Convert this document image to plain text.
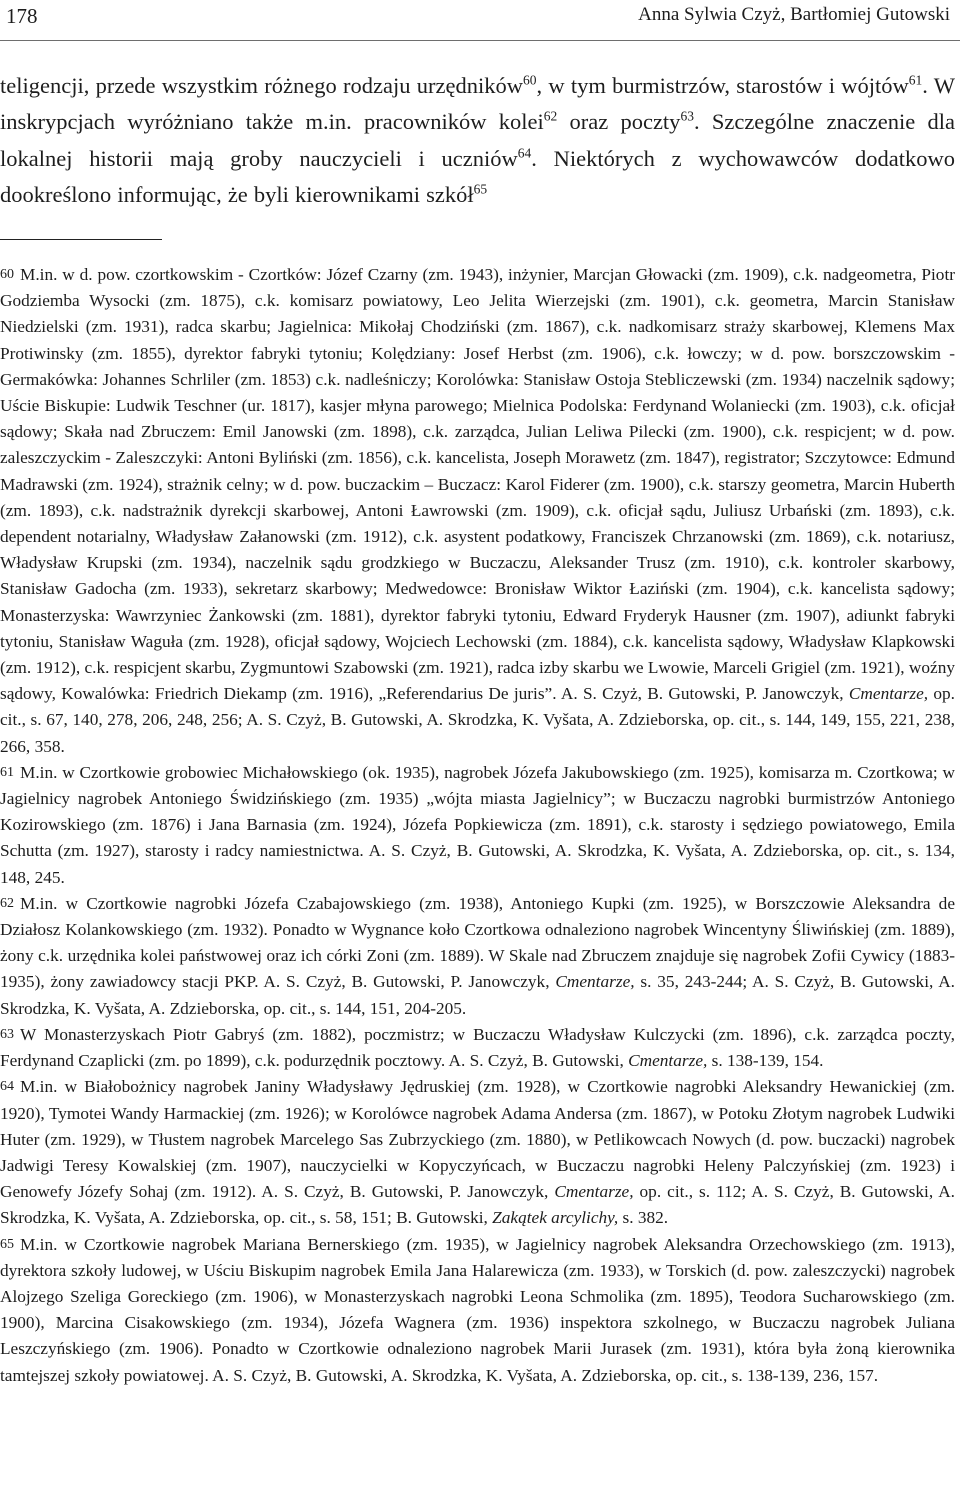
178	Anna Sylwia Czyż, Bartłomiej Gutowski
teligencji, przede wszystkim różnego rodzaju urzędników$^{60}$, w tym burmistrzów, starostów i wójtów$^{61}$. W inskrypcjach wyróżniano także m.in. pracowników kolei$^{62}$ oraz poczty$^{63}$. Szczególne znaczenie dla lokalnej historii mają groby nauczycieli i uczniów$^{64}$. Niektórych z wychowawców dodatkowo dookreślono informując, że byli kierownikami szkół$^{65}$

$^{60}$ M.in. w d. pow. czortkowskim - Czortków: Józef Czarny (zm. 1943), inżynier, Marcjan Głowacki (zm. 1909), c.k. nadgeometra, Piotr Godziemba Wysocki (zm. 1875), c.k. komisarz powiatowy, Leo Jelita Wierzejski (zm. 1901), c.k. geometra, Marcin Stanisław Niedzielski (zm. 1931), radca skarbu; Jagielnica: Mikołaj Chodziński (zm. 1867), c.k. nadkomisarz straży skarbowej, Klemens Max Protiwinsky (zm. 1855), dyrektor fabryki tytoniu; Kolędziany: Josef Herbst (zm. 1906), c.k. łowczy; w d. pow. borszczowskim - Germakówka: Johannes Schrliler (zm. 1853) c.k. nadleśniczy; Korolówka: Stanisław Ostoja Stebliczewski (zm. 1934) naczelnik sądowy; Uście Biskupie: Ludwik Teschner (ur. 1817), kasjer młyna parowego; Mielnica Podolska: Ferdynand Wolaniecki (zm. 1903), c.k. oficjał sądowy; Skała nad Zbruczem: Emil Janowski (zm. 1898), c.k. zarządca, Julian Leliwa Pilecki (zm. 1900), c.k. respicjent; w d. pow. zaleszczyckim - Zaleszczyki: Antoni Byliński (zm. 1856), c.k. kancelista, Joseph Morawetz (zm. 1847), registrator; Szczytowce: Edmund Madrawski (zm. 1924), strażnik celny; w d. pow. buczackim – Buczacz: Karol Fiderer (zm. 1900), c.k. starszy geometra, Marcin Huberth (zm. 1893), c.k. nadstrażnik dyrekcji skarbowej, Antoni Ławrowski (zm. 1909), c.k. oficjał sądu, Juliusz Urbański (zm. 1893), c.k. dependent notarialny, Władysław Załanowski (zm. 1912), c.k. asystent podatkowy, Franciszek Chrzanowski (zm. 1869), c.k. notariusz, Władysław Krupski (zm. 1934), naczelnik sądu grodzkiego w Buczaczu, Aleksander Trusz (zm. 1910), c.k. kontroler skarbowy, Stanisław Gadocha (zm. 1933), sekretarz skarbowy; Medwedowce: Bronisław Wiktor Łaziński (zm. 1904), c.k. kancelista sądowy; Monasterzyska: Wawrzyniec Żankowski (zm. 1881), dyrektor fabryki tytoniu, Edward Fryderyk Hausner (zm. 1907), adiunkt fabryki tytoniu, Stanisław Waguła (zm. 1928), oficjał sądowy, Wojciech Lechowski (zm. 1884), c.k. kancelista sądowy, Władysław Klapkowski (zm. 1912), c.k. respicjent skarbu, Zygmuntowi Szabowski (zm. 1921), radca izby skarbu we Lwowie, Marceli Grigiel (zm. 1921), woźny sądowy, Kowalówka: Friedrich Diekamp (zm. 1916), „Referendarius De juris”. A. S. Czyż, B. Gutowski, P. Janowczyk, Cmentarze, op. cit., s. 67, 140, 278, 206, 248, 256; A. S. Czyż, B. Gutowski, A. Skrodzka, K. Vyšata, A. Zdzieborska, op. cit., s. 144, 149, 155, 221, 238, 266, 358.

$^{61}$ M.in. w Czortkowie grobowiec Michałowskiego (ok. 1935), nagrobek Józefa Jakubowskiego (zm. 1925), komisarza m. Czortkowa; w Jagielnicy nagrobek Antoniego Świdzińskiego (zm. 1935) „wójta miasta Jagielnicy”; w Buczaczu nagrobki burmistrzów Antoniego Kozirowskiego (zm. 1876) i Jana Barnasia (zm. 1924), Józefa Popkiewicza (zm. 1891), c.k. starosty i sędziego powiatowego, Emila Schutta (zm. 1927), starosty i radcy namiestnictwa. A. S. Czyż, B. Gutowski, A. Skrodzka, K. Vyšata, A. Zdzieborska, op. cit., s. 134, 148, 245.

$^{62}$ M.in. w Czortkowie nagrobki Józefa Czabajowskiego (zm. 1938), Antoniego Kupki (zm. 1925), w Borszczowie Aleksandra de Działosz Kolankowskiego (zm. 1932). Ponadto w Wygnance koło Czortkowa odnaleziono nagrobek Wincentyny Śliwińskiej (zm. 1889), żony c.k. urzędnika kolei państwowej oraz ich córki Zoni (zm. 1889). W Skale nad Zbruczem znajduje się nagrobek Zofii Cywicy (1883-1935), żony zawiadowcy stacji PKP. A. S. Czyż, B. Gutowski, P. Janowczyk, Cmentarze, s. 35, 243-244; A. S. Czyż, B. Gutowski, A. Skrodzka, K. Vyšata, A. Zdzieborska, op. cit., s. 144, 151, 204-205.

$^{63}$ W Monasterzyskach Piotr Gabryś (zm. 1882), poczmistrz; w Buczaczu Władysław Kulczycki (zm. 1896), c.k. zarządca poczty, Ferdynand Czaplicki (zm. po 1899), c.k. podurzędnik pocztowy. A. S. Czyż, B. Gutowski, Cmentarze, s. 138-139, 154.

$^{64}$ M.in. w Białobożnicy nagrobek Janiny Władysławy Jędruskiej (zm. 1928), w Czortkowie nagrobki Aleksandry Hewanickiej (zm. 1920), Tymotei Wandy Harmackiej (zm. 1926); w Korolówce nagrobek Adama Andersa (zm. 1867), w Potoku Złotym nagrobek Ludwiki Huter (zm. 1929), w Tłustem nagrobek Marcelego Sas Zubrzyckiego (zm. 1880), w Petlikowcach Nowych (d. pow. buczacki) nagrobek Jadwigi Teresy Kowalskiej (zm. 1907), nauczycielki w Kopyczyńcach, w Buczaczu nagrobki Heleny Palczyńskiej (zm. 1923) i Genowefy Józefy Sohaj (zm. 1912). A. S. Czyż, B. Gutowski, P. Janowczyk, Cmentarze, op. cit., s. 112; A. S. Czyż, B. Gutowski, A. Skrodzka, K. Vyšata, A. Zdzieborska, op. cit., s. 58, 151; B. Gutowski, Zakątek arcylichy, s. 382.

$^{65}$ M.in. w Czortkowie nagrobek Mariana Bernerskiego (zm. 1935), w Jagielnicy nagrobek Aleksandra Orzechowskiego (zm. 1913), dyrektora szkoły ludowej, w Uściu Biskupim nagrobek Emila Jana Halarewicza (zm. 1933), w Torskich (d. pow. zaleszczycki) nagrobek Alojzego Szeliga Goreckiego (zm. 1906), w Monasterzyskach nagrobki Leona Schmolika (zm. 1895), Teodora Sucharowskiego (zm. 1900), Marcina Cisakowskiego (zm. 1934), Józefa Wagnera (zm. 1936) inspektora szkolnego, w Buczaczu nagrobek Juliana Leszczyńskiego (zm. 1906). Ponadto w Czortkowie odnaleziono nagrobek Marii Jurasek (zm. 1931), która była żoną kierownika tamtejszej szkoły powiatowej. A. S. Czyż, B. Gutowski, A. Skrodzka, K. Vyšata, A. Zdzieborska, op. cit., s. 138-139, 236, 157.
